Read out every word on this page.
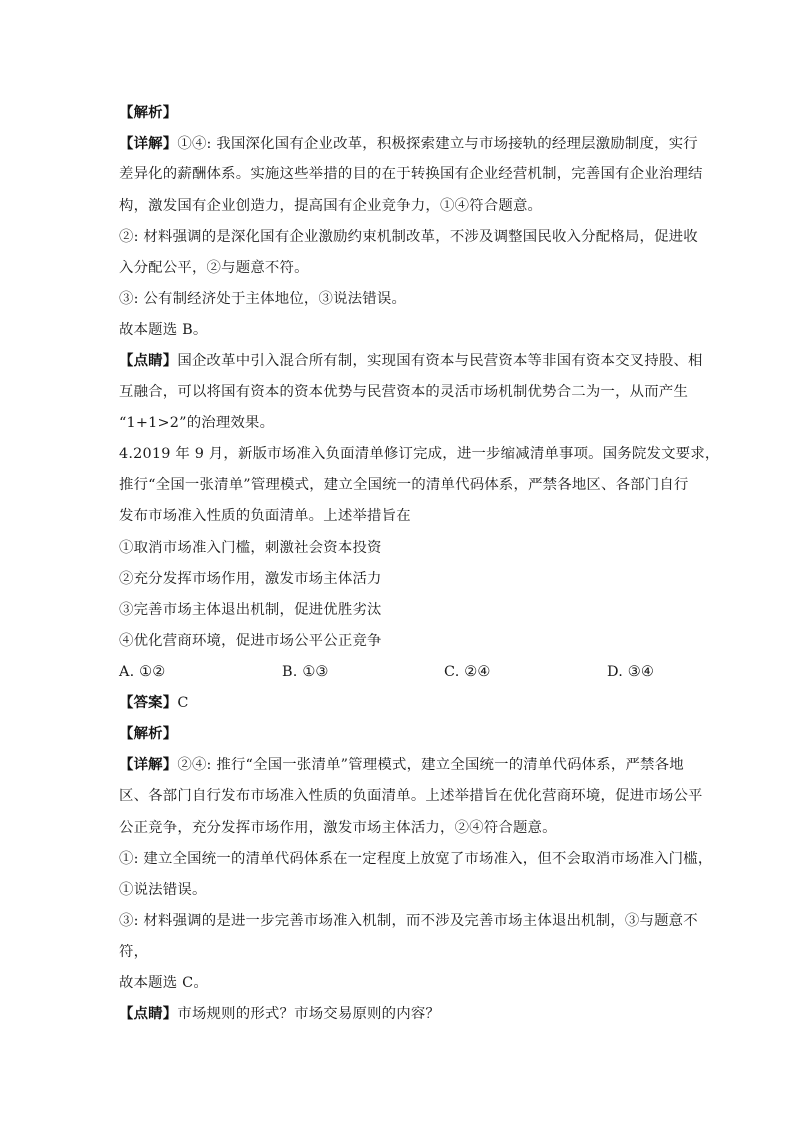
【解析】
【详解】①④: 我国深化国有企业改革，积极探索建立与市场接轨的经理层激励制度，实行
差异化的薪酬体系。实施这些举措的目的在于转换国有企业经营机制，完善国有企业治理结
构，激发国有企业创造力，提高国有企业竞争力，①④符合题意。
②: 材料强调的是深化国有企业激励约束机制改革，不涉及调整国民收入分配格局，促进收
入分配公平，②与题意不符。
③: 公有制经济处于主体地位，③说法错误。
故本题选 B。
【点睛】国企改革中引入混合所有制，实现国有资本与民营资本等非国有资本交叉持股、相
互融合，可以将国有资本的资本优势与民营资本的灵活市场机制优势合二为一，从而产生
“1+1>2”的治理效果。
4.2019 年 9 月，新版市场准入负面清单修订完成，进一步缩减清单事项。国务院发文要求，
推行“全国一张清单”管理模式，建立全国统一的清单代码体系，严禁各地区、各部门自行
发布市场准入性质的负面清单。上述举措旨在
①取消市场准入门槛，刺激社会资本投资
②充分发挥市场作用，激发市场主体活力
③完善市场主体退出机制，促进优胜劣汰
④优化营商环境，促进市场公平公正竞争
A. ①②	B. ①③	C. ②④	D. ③④
【答案】C
【解析】
【详解】②④: 推行“全国一张清单”管理模式，建立全国统一的清单代码体系，严禁各地
区、各部门自行发布市场准入性质的负面清单。上述举措旨在优化营商环境，促进市场公平
公正竞争，充分发挥市场作用，激发市场主体活力，②④符合题意。
①: 建立全国统一的清单代码体系在一定程度上放宽了市场准入，但不会取消市场准入门槛，
①说法错误。
③: 材料强调的是进一步完善市场准入机制，而不涉及完善市场主体退出机制，③与题意不
符，
故本题选 C。
【点睛】市场规则的形式？市场交易原则的内容？
